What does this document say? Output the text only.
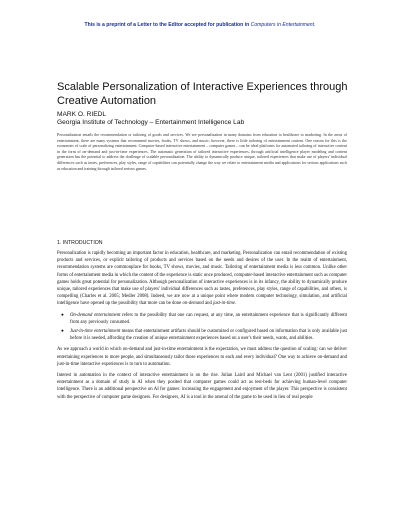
This is a preprint of a Letter to the Editor accepted for publication in Computers in Entertainment.
Scalable Personalization of Interactive Experiences through Creative Automation
MARK O. RIEDL
Georgia Institute of Technology – Entertainment Intelligence Lab
Personalization entails the recommendation or tailoring of goods and services. We see personalization in many domains from education to healthcare to marketing. In the areas of entertainment, there are many systems that recommend movies, books, TV shows, and music; however, there is little tailoring of entertainment content. One reason for this is the economies of scale of personalizing entertainment. Computer-based interactive entertainment – computer games – can be ideal platforms for automated tailoring of interactive content in the form of on-demand and just-in-time experiences. The automatic generation of tailored interactive experiences, through artificial intelligence player modeling and content generation has the potential to address the challenge of scalable personalization. The ability to dynamically produce unique, tailored experiences that make use of players' individual differences such as tastes, preferences, play styles, range of capabilities can potentially change the way we relate to entertainment media and applications for serious applications such as education and training through tailored serious games.
1. INTRODUCTION

Personalization is rapidly becoming an important factor in education, healthcare, and marketing. Personalization can entail recommendation of existing products and services, or explicit tailoring of products and services based on the needs and desires of the user. In the realm of entertainment, recommendation systems are commonplace for books, TV shows, movies, and music. Tailoring of entertainment media is less common. Unlike other forms of entertainment media in which the content of the experience is static once produced, computer-based interactive entertainment such as computer games holds great potential for personalization. Although personalization of interactive experiences is in its infancy, the ability to dynamically produce unique, tailored experiences that make use of players' individual differences such as tastes, preferences, play styles, range of capabilities, and others, is compelling (Charles et al. 2005; Medler 2008). Indeed, we are now at a unique point where modern computer technology, simulation, and artificial intelligence have opened up the possibility that more can be done on-demand and just-in-time.

● On-demand entertainment refers to the possibility that one can request, at any time, an entertainment experience that is significantly different from any previously consumed.
● Just-in-time entertainment means that entertainment artifacts should be customized or configured based on information that is only available just before it is needed, affording the creation of unique entertainment experiences based on a user's their needs, wants, and abilities.

As we approach a world in which on-demand and just-in-time entertainment is the expectation, we must address the question of scaling: can we deliver entertaining experiences to more people, and simultaneously tailor those experiences to each and every individual? One way to achieve on-demand and just-in-time interactive experiences is to turn to automation.

Interest in automation in the context of interactive entertainment is on the rise. Julian Laird and Michael van Lent (2001) justified interactive entertainment as a domain of study in AI when they posited that computer games could act as test-beds for achieving human-level computer intelligence. There is an additional perspective on AI for games: increasing the engagement and enjoyment of the player. This perspective is consistent with the perspective of computer game designers. For designers, AI is a tool in the arsenal of the game to be used in lieu of real people
